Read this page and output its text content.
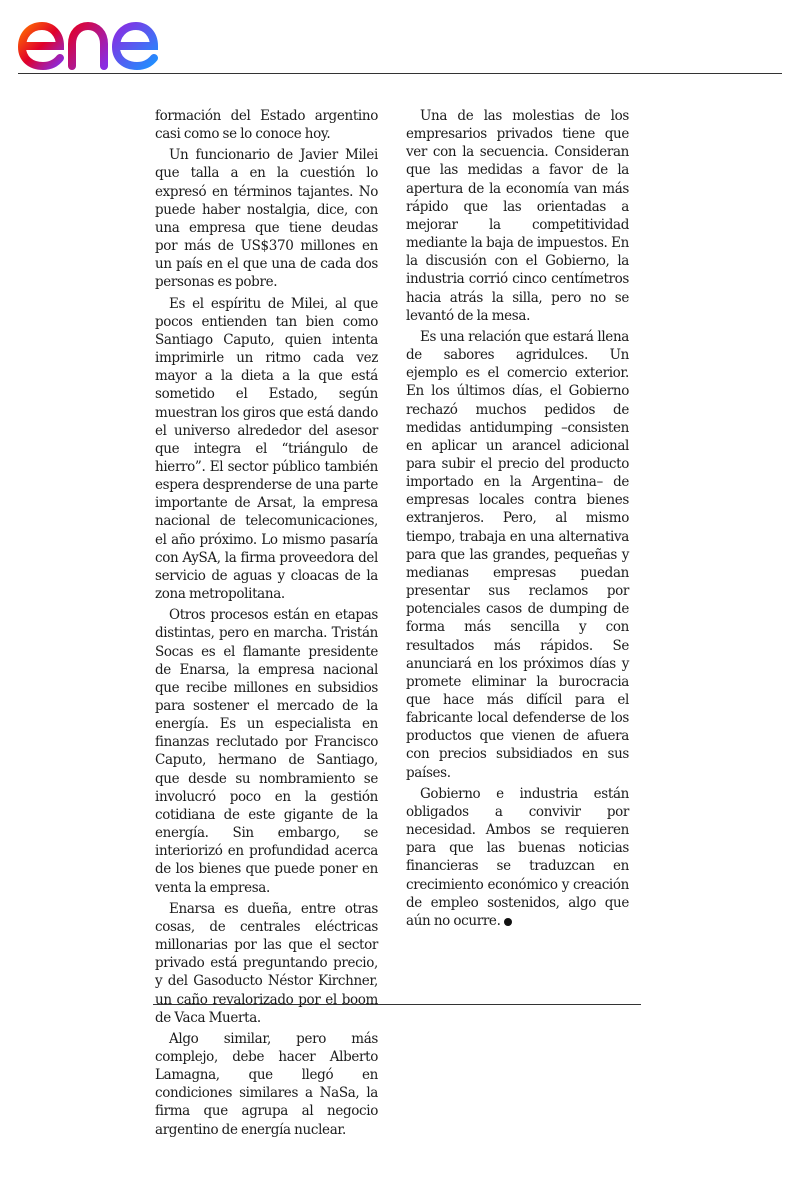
formación del Estado argentino casi como se lo conoce hoy.

Un funcionario de Javier Milei que talla a en la cuestión lo expresó en términos tajantes. No puede haber nostalgia, dice, con una empresa que tiene deudas por más de US$370 millones en un país en el que una de cada dos personas es pobre.

Es el espíritu de Milei, al que pocos entienden tan bien como Santiago Caputo, quien intenta imprimirle un ritmo cada vez mayor a la dieta a la que está sometido el Estado, según muestran los giros que está dando el universo alrededor del asesor que integra el “triángulo de hierro”. El sector público también espera desprenderse de una parte importante de Arsat, la empresa nacional de telecomunicaciones, el año próximo. Lo mismo pasaría con AySA, la firma proveedora del servicio de aguas y cloacas de la zona metropolitana.

Otros procesos están en etapas distintas, pero en marcha. Tristán Socas es el flamante presidente de Enarsa, la empresa nacional que recibe millones en subsidios para sostener el mercado de la energía. Es un especialista en finanzas reclutado por Francisco Caputo, hermano de Santiago, que desde su nombramiento se involucró poco en la gestión cotidiana de este gigante de la energía. Sin embargo, se interiorizó en profundidad acerca de los bienes que puede poner en venta la empresa.

Enarsa es dueña, entre otras cosas, de centrales eléctricas millonarias por las que el sector privado está preguntando precio, y del Gasoducto Néstor Kirchner, un caño revalorizado por el boom de Vaca Muerta.

Algo similar, pero más complejo, debe hacer Alberto Lamagna, que llegó en condiciones similares a NaSa, la firma que agrupa al negocio argentino de energía nuclear.

Una de las molestias de los empresarios privados tiene que ver con la secuencia. Consideran que las medidas a favor de la apertura de la economía van más rápido que las orientadas a mejorar la competitividad mediante la baja de impuestos. En la discusión con el Gobierno, la industria corrió cinco centímetros hacia atrás la silla, pero no se levantó de la mesa.

Es una relación que estará llena de sabores agridulces. Un ejemplo es el comercio exterior. En los últimos días, el Gobierno rechazó muchos pedidos de medidas antidumping –consisten en aplicar un arancel adicional para subir el precio del producto importado en la Argentina– de empresas locales contra bienes extranjeros. Pero, al mismo tiempo, trabaja en una alternativa para que las grandes, pequeñas y medianas empresas puedan presentar sus reclamos por potenciales casos de dumping de forma más sencilla y con resultados más rápidos. Se anunciará en los próximos días y promete eliminar la burocracia que hace más difícil para el fabricante local defenderse de los productos que vienen de afuera con precios subsidiados en sus países.

Gobierno e industria están obligados a convivir por necesidad. Ambos se requieren para que las buenas noticias financieras se traduzcan en crecimiento económico y creación de empleo sostenidos, algo que aún no ocurre.
